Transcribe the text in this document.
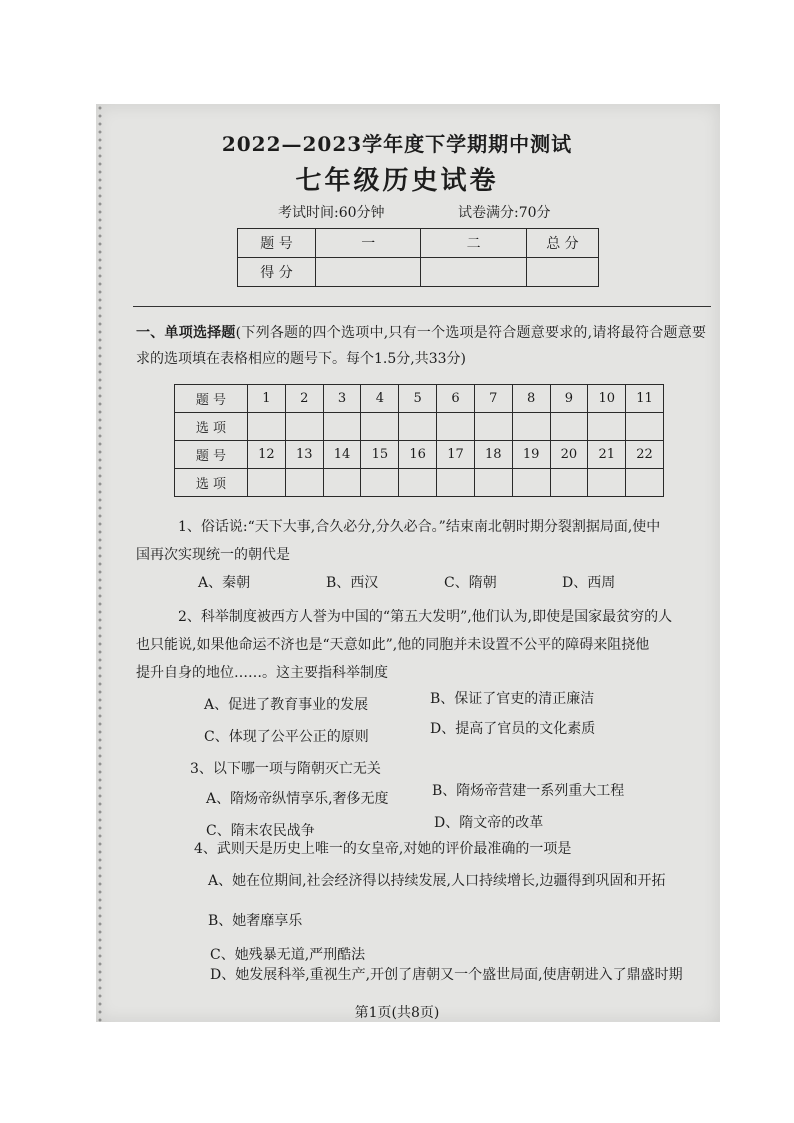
2022—2023学年度下学期期中测试
七年级历史试卷
考试时间:60分钟	试卷满分:70分
题 号	一	二	总 分
得 分			
一、单项选择题(下列各题的四个选项中,只有一个选项是符合题意要求的,请将最符合题意要求的选项填在表格相应的题号下。每个1.5分,共33分)
题 号	1	2	3	4	5	6	7	8	9	10	11
选 项											
题 号	12	13	14	15	16	17	18	19	20	21	22
选 项											
1、俗话说:“天下大事,合久必分,分久必合。”结束南北朝时期分裂割据局面,使中
国再次实现统一的朝代是
A、秦朝	B、西汉	C、隋朝	D、西周
2、科举制度被西方人誉为中国的“第五大发明”,他们认为,即使是国家最贫穷的人
也只能说,如果他命运不济也是“天意如此”,他的同胞并未设置不公平的障碍来阻挠他
提升自身的地位……。这主要指科举制度
A、促进了教育事业的发展	B、保证了官吏的清正廉洁
C、体现了公平公正的原则	D、提高了官员的文化素质
3、以下哪一项与隋朝灭亡无关
A、隋炀帝纵情享乐,奢侈无度	B、隋炀帝营建一系列重大工程
C、隋末农民战争	D、隋文帝的改革
4、武则天是历史上唯一的女皇帝,对她的评价最准确的一项是
A、她在位期间,社会经济得以持续发展,人口持续增长,边疆得到巩固和开拓
B、她奢靡享乐
C、她残暴无道,严刑酷法
D、她发展科举,重视生产,开创了唐朝又一个盛世局面,使唐朝进入了鼎盛时期
第1页(共8页)
